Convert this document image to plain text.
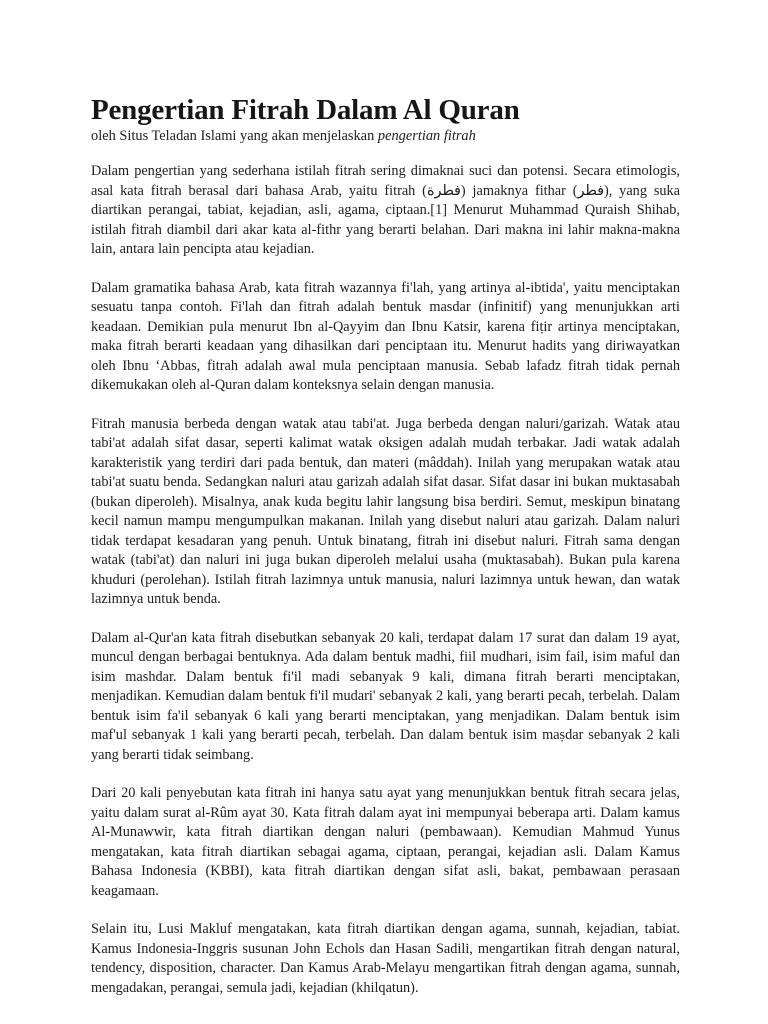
Pengertian Fitrah Dalam Al Quran

oleh Situs Teladan Islami yang akan menjelaskan pengertian fitrah

Dalam pengertian yang sederhana istilah fitrah sering dimaknai suci dan potensi. Secara etimologis, asal kata fitrah berasal dari bahasa Arab, yaitu fitrah (فطرة) jamaknya fithar (فطر), yang suka diartikan perangai, tabiat, kejadian, asli, agama, ciptaan.[1] Menurut Muhammad Quraish Shihab, istilah fitrah diambil dari akar kata al-fithr yang berarti belahan. Dari makna ini lahir makna-makna lain, antara lain pencipta atau kejadian.

Dalam gramatika bahasa Arab, kata fitrah wazannya fi'lah, yang artinya al-ibtida', yaitu menciptakan sesuatu tanpa contoh. Fi'lah dan fitrah adalah bentuk masdar (infinitif) yang menunjukkan arti keadaan. Demikian pula menurut Ibn al-Qayyim dan Ibnu Katsir, karena fiṭir artinya menciptakan, maka fitrah berarti keadaan yang dihasilkan dari penciptaan itu. Menurut hadits yang diriwayatkan oleh Ibnu ‘Abbas, fitrah adalah awal mula penciptaan manusia. Sebab lafadz fitrah tidak pernah dikemukakan oleh al-Quran dalam konteksnya selain dengan manusia.

Fitrah manusia berbeda dengan watak atau tabi'at. Juga berbeda dengan naluri/garizah. Watak atau tabi'at adalah sifat dasar, seperti kalimat watak oksigen adalah mudah terbakar. Jadi watak adalah karakteristik yang terdiri dari pada bentuk, dan materi (mâddah). Inilah yang merupakan watak atau tabi'at suatu benda. Sedangkan naluri atau garizah adalah sifat dasar. Sifat dasar ini bukan muktasabah (bukan diperoleh). Misalnya, anak kuda begitu lahir langsung bisa berdiri. Semut, meskipun binatang kecil namun mampu mengumpulkan makanan. Inilah yang disebut naluri atau garizah. Dalam naluri tidak terdapat kesadaran yang penuh. Untuk binatang, fitrah ini disebut naluri. Fitrah sama dengan watak (tabi'at) dan naluri ini juga bukan diperoleh melalui usaha (muktasabah). Bukan pula karena khuduri (perolehan). Istilah fitrah lazimnya untuk manusia, naluri lazimnya untuk hewan, dan watak lazimnya untuk benda.

Dalam al-Qur'an kata fitrah disebutkan sebanyak 20 kali, terdapat dalam 17 surat dan dalam 19 ayat, muncul dengan berbagai bentuknya. Ada dalam bentuk madhi, fiil mudhari, isim fail, isim maful dan isim mashdar. Dalam bentuk fi'il madi sebanyak 9 kali, dimana fitrah berarti menciptakan, menjadikan. Kemudian dalam bentuk fi'il mudari' sebanyak 2 kali, yang berarti pecah, terbelah. Dalam bentuk isim fa'il sebanyak 6 kali yang berarti menciptakan, yang menjadikan. Dalam bentuk isim maf'ul sebanyak 1 kali yang berarti pecah, terbelah. Dan dalam bentuk isim maṣdar sebanyak 2 kali yang berarti tidak seimbang.

Dari 20 kali penyebutan kata fitrah ini hanya satu ayat yang menunjukkan bentuk fitrah secara jelas, yaitu dalam surat al-Rûm ayat 30. Kata fitrah dalam ayat ini mempunyai beberapa arti. Dalam kamus Al-Munawwir, kata fitrah diartikan dengan naluri (pembawaan). Kemudian Mahmud Yunus mengatakan, kata fitrah diartikan sebagai agama, ciptaan, perangai, kejadian asli. Dalam Kamus Bahasa Indonesia (KBBI), kata fitrah diartikan dengan sifat asli, bakat, pembawaan perasaan keagamaan.

Selain itu, Lusi Makluf mengatakan, kata fitrah diartikan dengan agama, sunnah, kejadian, tabiat. Kamus Indonesia-Inggris susunan John Echols dan Hasan Sadili, mengartikan fitrah dengan natural, tendency, disposition, character. Dan Kamus Arab-Melayu mengartikan fitrah dengan agama, sunnah, mengadakan, perangai, semula jadi, kejadian (khilqatun).
